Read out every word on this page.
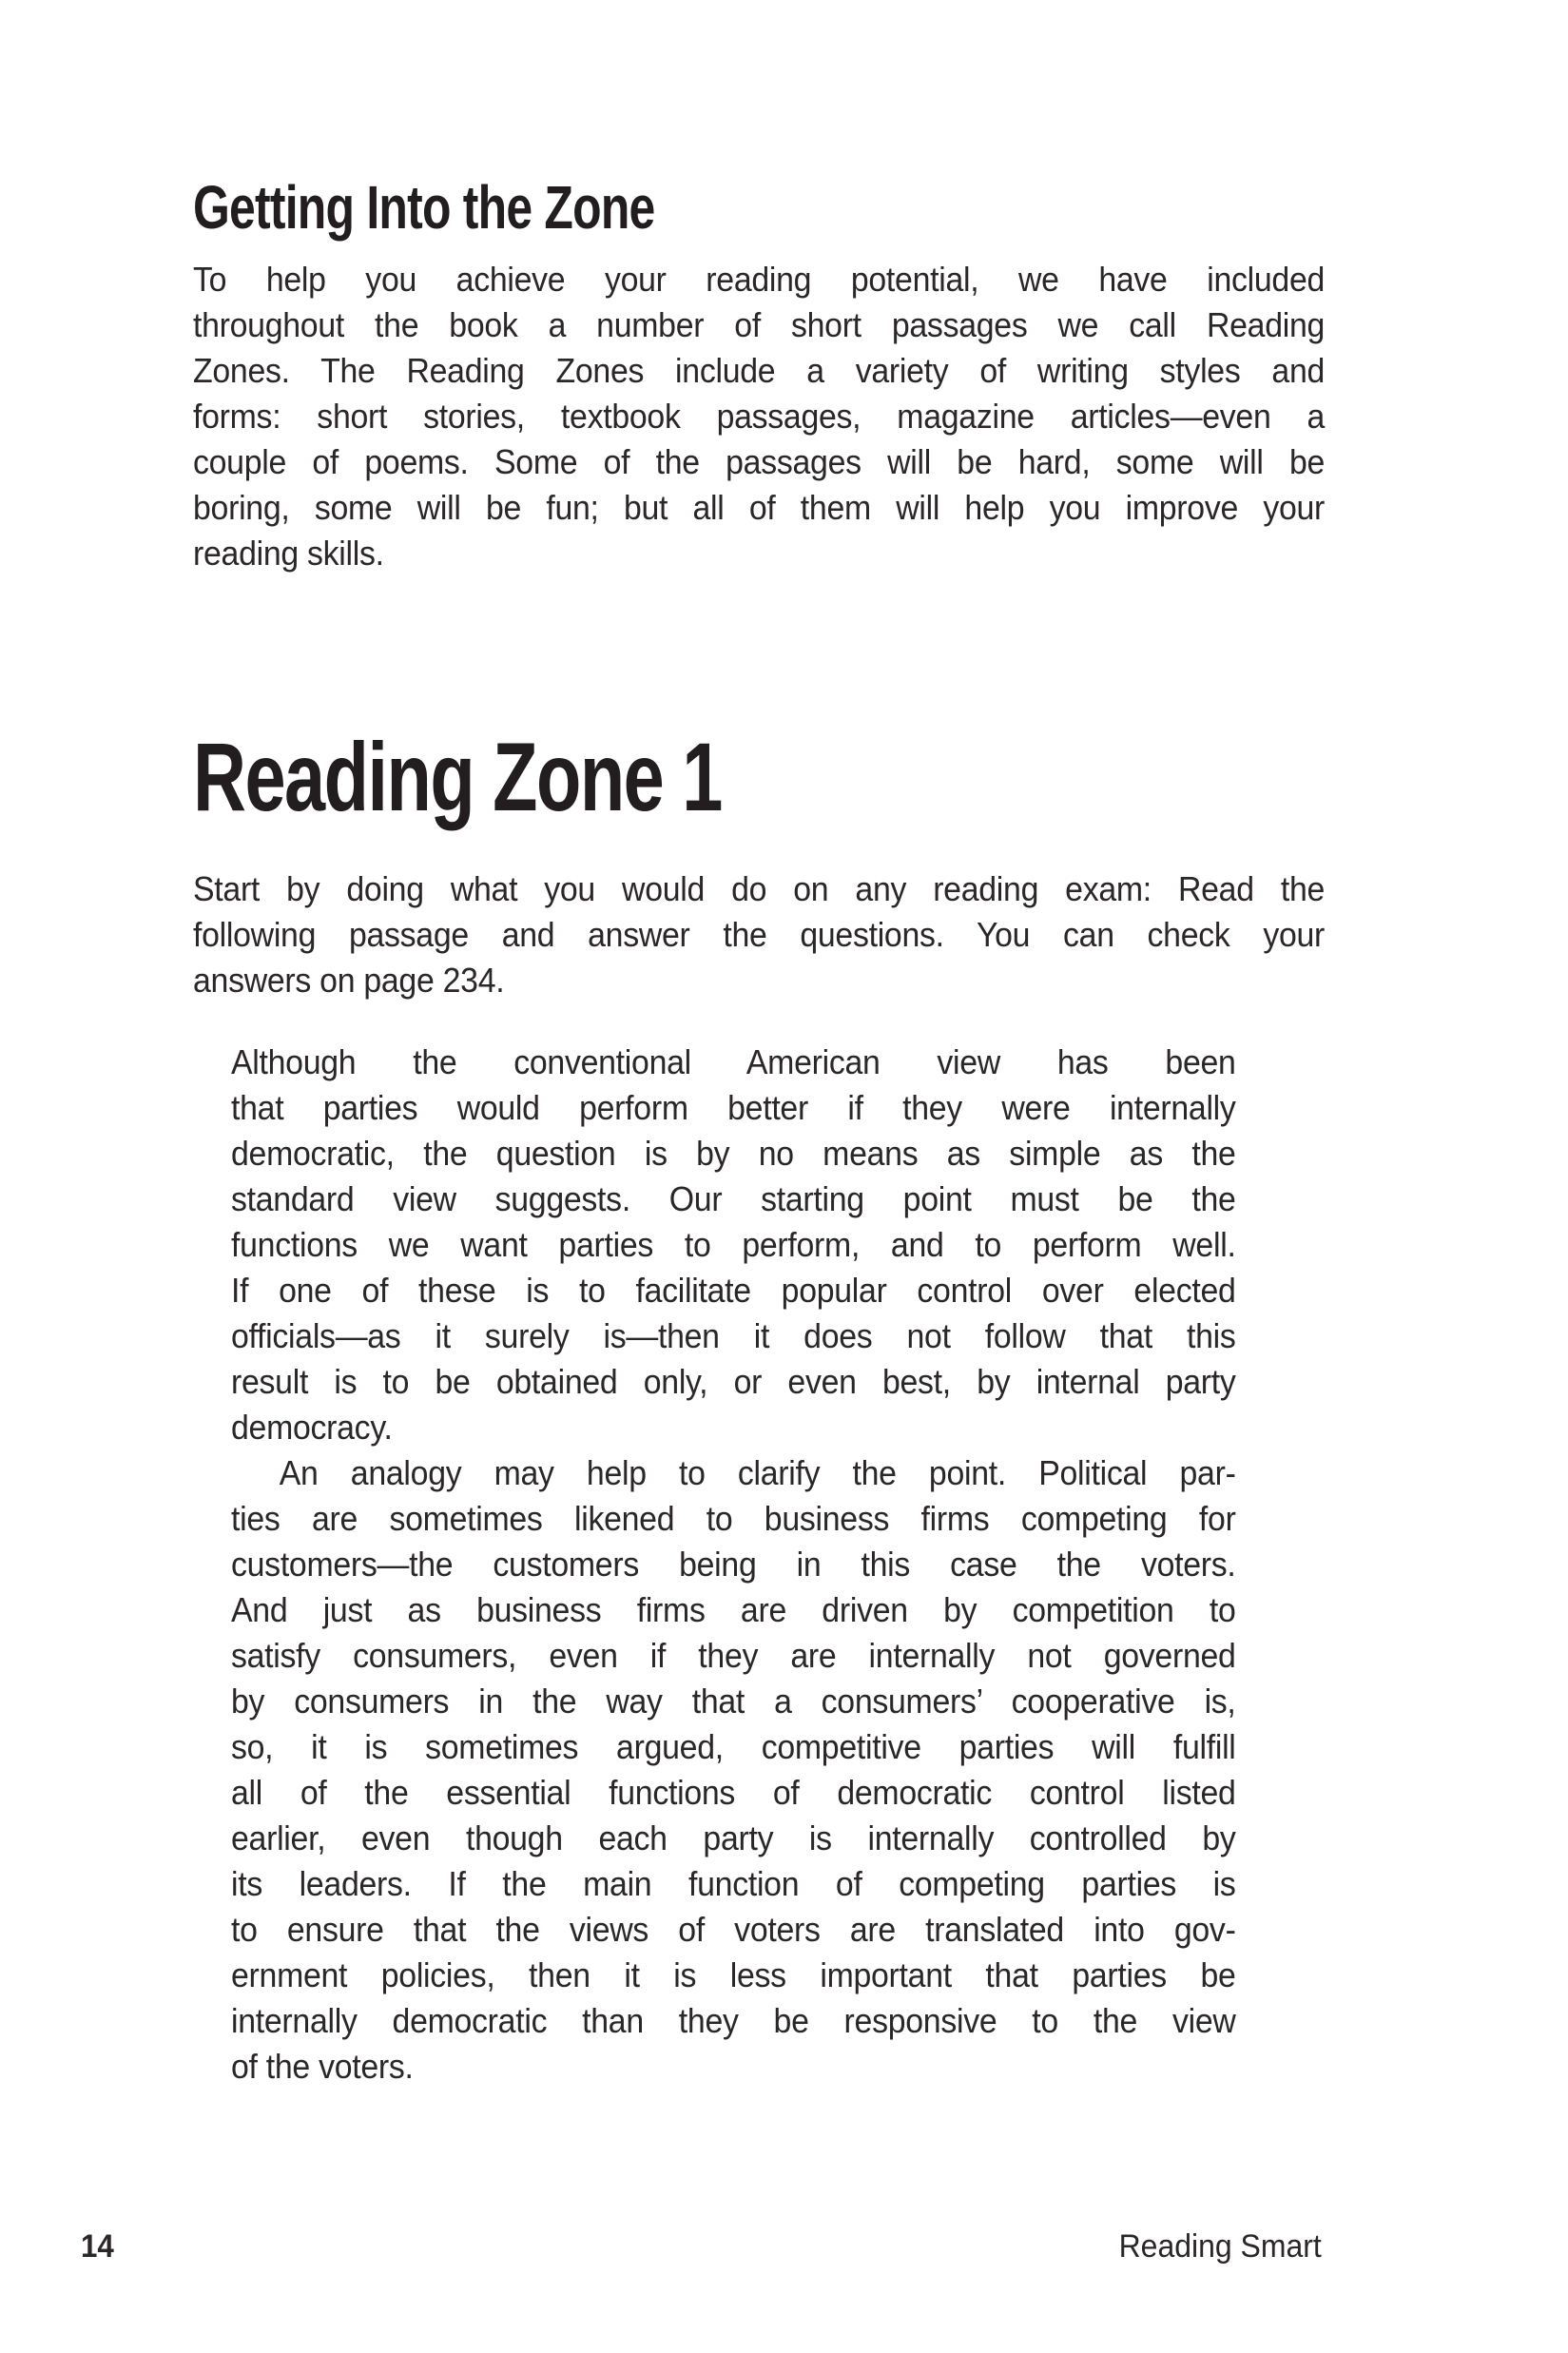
Getting Into the Zone
To help you achieve your reading potential, we have included
throughout the book a number of short passages we call Reading
Zones. The Reading Zones include a variety of writing styles and
forms: short stories, textbook passages, magazine articles—even a
couple of poems. Some of the passages will be hard, some will be
boring, some will be fun; but all of them will help you improve your
reading skills.
Reading Zone 1
Start by doing what you would do on any reading exam: Read the
following passage and answer the questions. You can check your
answers on page 234.
Although the conventional American view has been
that parties would perform better if they were internally
democratic, the question is by no means as simple as the
standard view suggests. Our starting point must be the
functions we want parties to perform, and to perform well.
If one of these is to facilitate popular control over elected
officials—as it surely is—then it does not follow that this
result is to be obtained only, or even best, by internal party
democracy.
An analogy may help to clarify the point. Political par-
ties are sometimes likened to business firms competing for
customers—the customers being in this case the voters.
And just as business firms are driven by competition to
satisfy consumers, even if they are internally not governed
by consumers in the way that a consumers’ cooperative is,
so, it is sometimes argued, competitive parties will fulfill
all of the essential functions of democratic control listed
earlier, even though each party is internally controlled by
its leaders. If the main function of competing parties is
to ensure that the views of voters are translated into gov-
ernment policies, then it is less important that parties be
internally democratic than they be responsive to the view
of the voters.
14	Reading Smart
